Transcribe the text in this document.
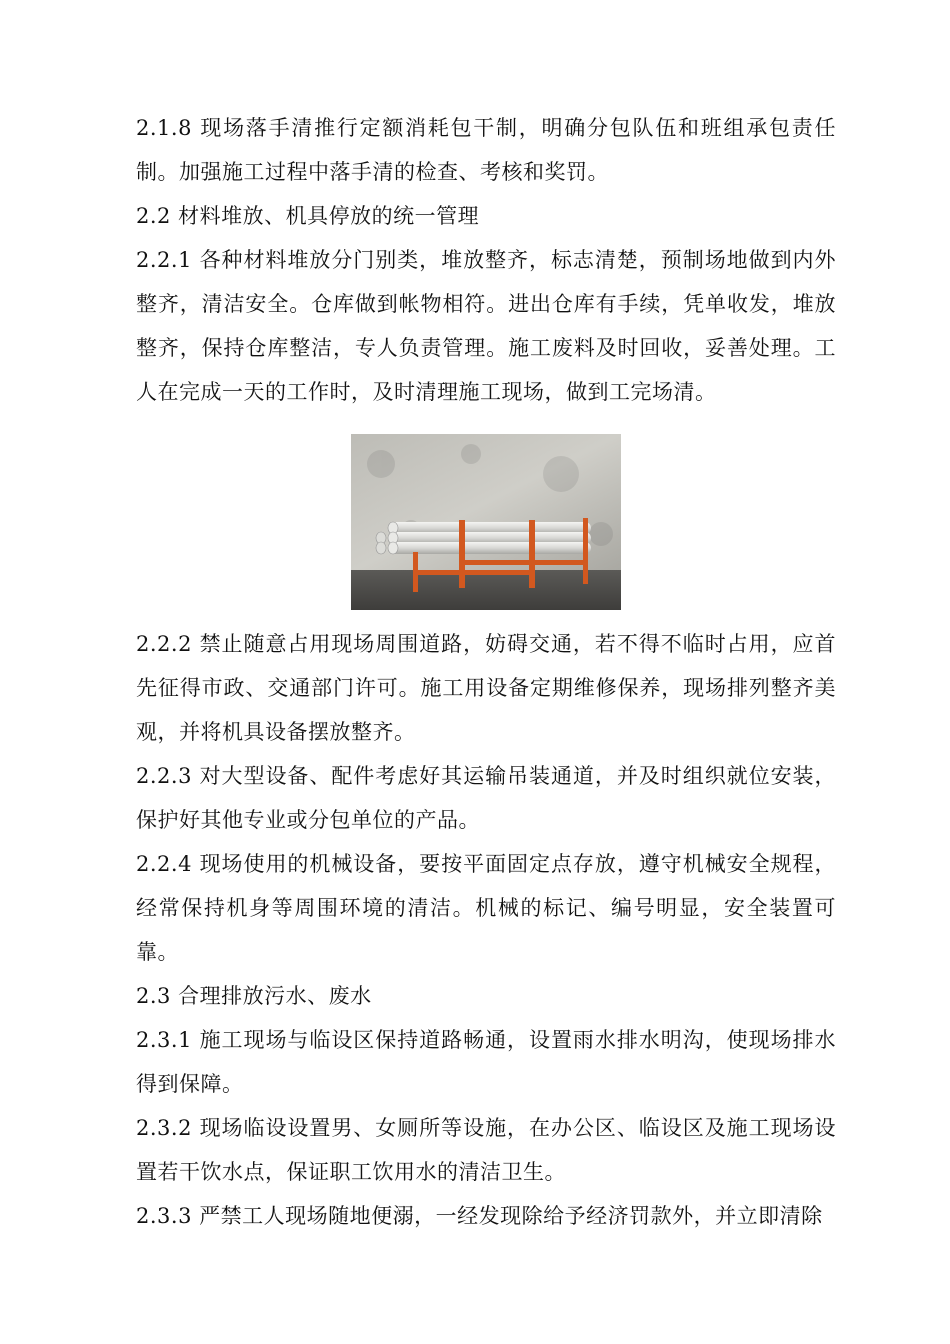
2.1.8 现场落手清推行定额消耗包干制，明确分包队伍和班组承包责任制。加强施工过程中落手清的检查、考核和奖罚。

2.2 材料堆放、机具停放的统一管理

2.2.1 各种材料堆放分门别类，堆放整齐，标志清楚，预制场地做到内外整齐，清洁安全。仓库做到帐物相符。进出仓库有手续，凭单收发，堆放整齐，保持仓库整洁，专人负责管理。施工废料及时回收，妥善处理。工人在完成一天的工作时，及时清理施工现场，做到工完场清。

2.2.2 禁止随意占用现场周围道路，妨碍交通，若不得不临时占用，应首先征得市政、交通部门许可。施工用设备定期维修保养，现场排列整齐美观，并将机具设备摆放整齐。

2.2.3 对大型设备、配件考虑好其运输吊装通道，并及时组织就位安装，保护好其他专业或分包单位的产品。

2.2.4 现场使用的机械设备，要按平面固定点存放，遵守机械安全规程，经常保持机身等周围环境的清洁。机械的标记、编号明显，安全装置可靠。

2.3 合理排放污水、废水

2.3.1 施工现场与临设区保持道路畅通，设置雨水排水明沟，使现场排水得到保障。

2.3.2 现场临设设置男、女厕所等设施，在办公区、临设区及施工现场设置若干饮水点，保证职工饮用水的清洁卫生。

2.3.3 严禁工人现场随地便溺，一经发现除给予经济罚款外，并立即清除
